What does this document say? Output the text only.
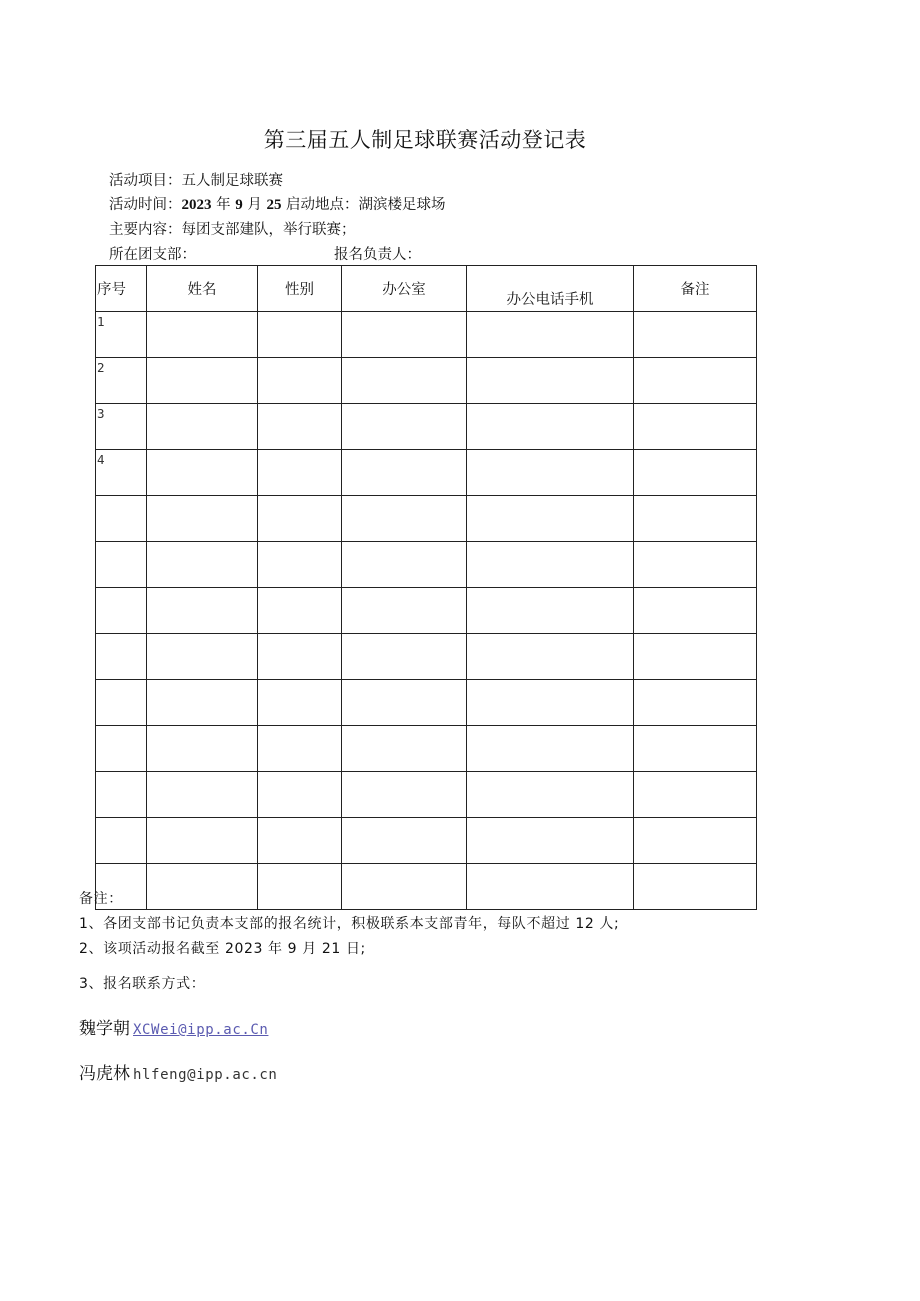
第三届五人制足球联赛活动登记表
活动项目：五人制足球联赛
活动时间：2023 年 9 月 25 启动地点：湖滨楼足球场
主要内容：每团支部建队，举行联赛；
所在团支部：	报名负责人：
序号	姓名	性别	办公室	办公电话手机	备注
1					
2					
3					
4					

备注：
1、各团支部书记负责本支部的报名统计，积极联系本支部青年，每队不超过 12 人;
2、该项活动报名截至 2023 年 9 月 21 日;
3、报名联系方式：
魏学朝 XCWei@ipp.ac.Cn
冯虎林 hlfeng@ipp.ac.cn
